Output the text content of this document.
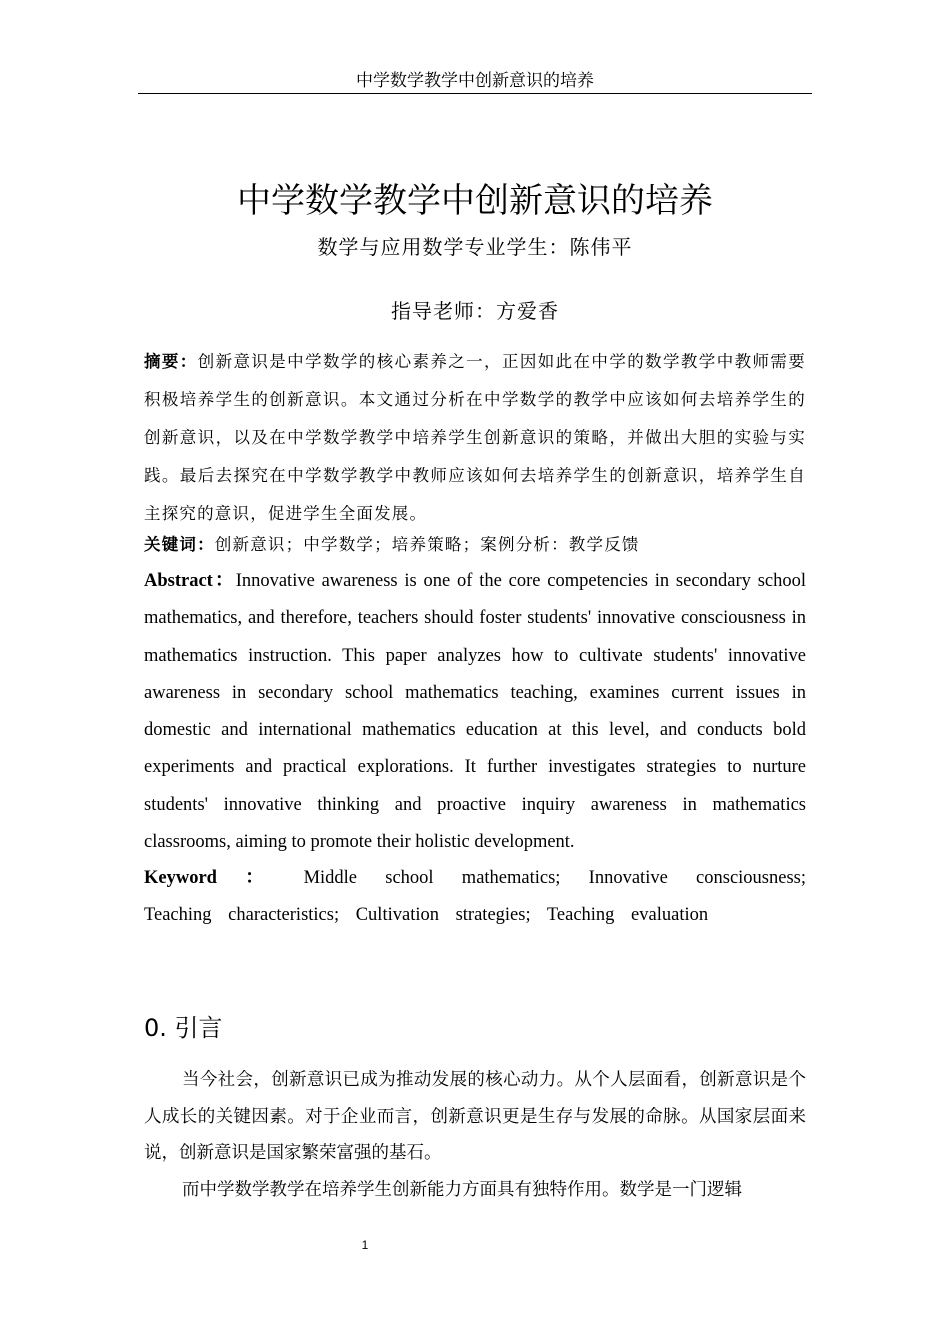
中学数学教学中创新意识的培养
中学数学教学中创新意识的培养
数学与应用数学专业学生：陈伟平
指导老师：方爱香

摘要：创新意识是中学数学的核心素养之一，正因如此在中学的数学教学中教师需要积极培养学生的创新意识。本文通过分析在中学数学的教学中应该如何去培养学生的创新意识，以及在中学数学教学中培养学生创新意识的策略，并做出大胆的实验与实践。最后去探究在中学数学教学中教师应该如何去培养学生的创新意识，培养学生自主探究的意识，促进学生全面发展。

关键词：创新意识；中学数学；培养策略；案例分析：教学反馈

Abstract：Innovative awareness is one of the core competencies in secondary school mathematics, and therefore, teachers should foster students' innovative consciousness in mathematics instruction. This paper analyzes how to cultivate students' innovative awareness in secondary school mathematics teaching, examines current issues in domestic and international mathematics education at this level, and conducts bold experiments and practical explorations. It further investigates strategies to nurture students' innovative thinking and proactive inquiry awareness in mathematics classrooms, aiming to promote their holistic development.

Keyword ： Middle school mathematics; Innovative consciousness; Teaching characteristics; Cultivation strategies; Teaching evaluation

0. 引言

当今社会，创新意识已成为推动发展的核心动力。从个人层面看，创新意识是个人成长的关键因素。对于企业而言，创新意识更是生存与发展的命脉。从国家层面来说，创新意识是国家繁荣富强的基石。

而中学数学教学在培养学生创新能力方面具有独特作用。数学是一门逻辑

1
